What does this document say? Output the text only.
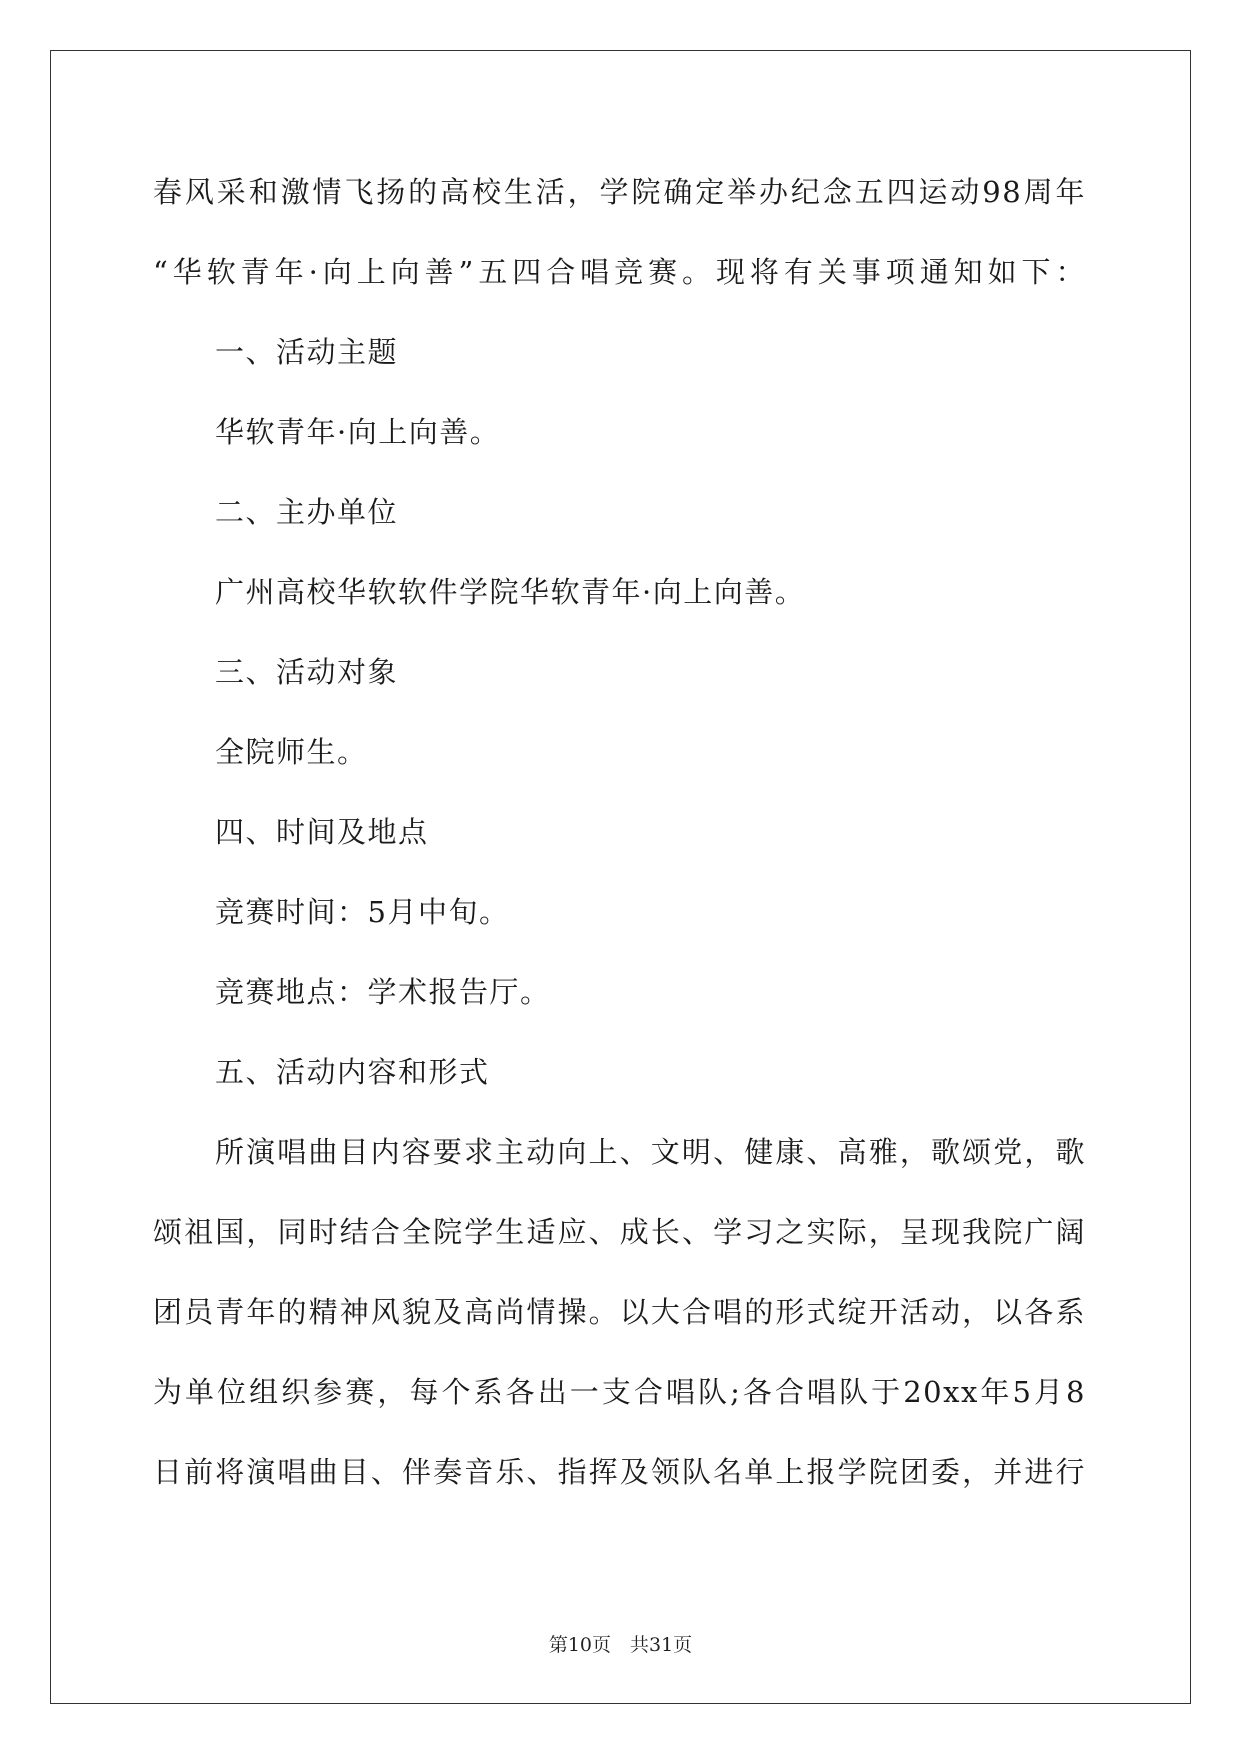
春风采和激情飞扬的高校生活，学院确定举办纪念五四运动98周年
“华软青年·向上向善”五四合唱竞赛。现将有关事项通知如下：
一、活动主题
华软青年·向上向善。
二、主办单位
广州高校华软软件学院华软青年·向上向善。
三、活动对象
全院师生。
四、时间及地点
竞赛时间：5月中旬。
竞赛地点：学术报告厅。
五、活动内容和形式
所演唱曲目内容要求主动向上、文明、健康、高雅，歌颂党，歌
颂祖国，同时结合全院学生适应、成长、学习之实际，呈现我院广阔
团员青年的精神风貌及高尚情操。以大合唱的形式绽开活动，以各系
为单位组织参赛，每个系各出一支合唱队;各合唱队于20xx年5月8
日前将演唱曲目、伴奏音乐、指挥及领队名单上报学院团委，并进行
第10页　共31页
